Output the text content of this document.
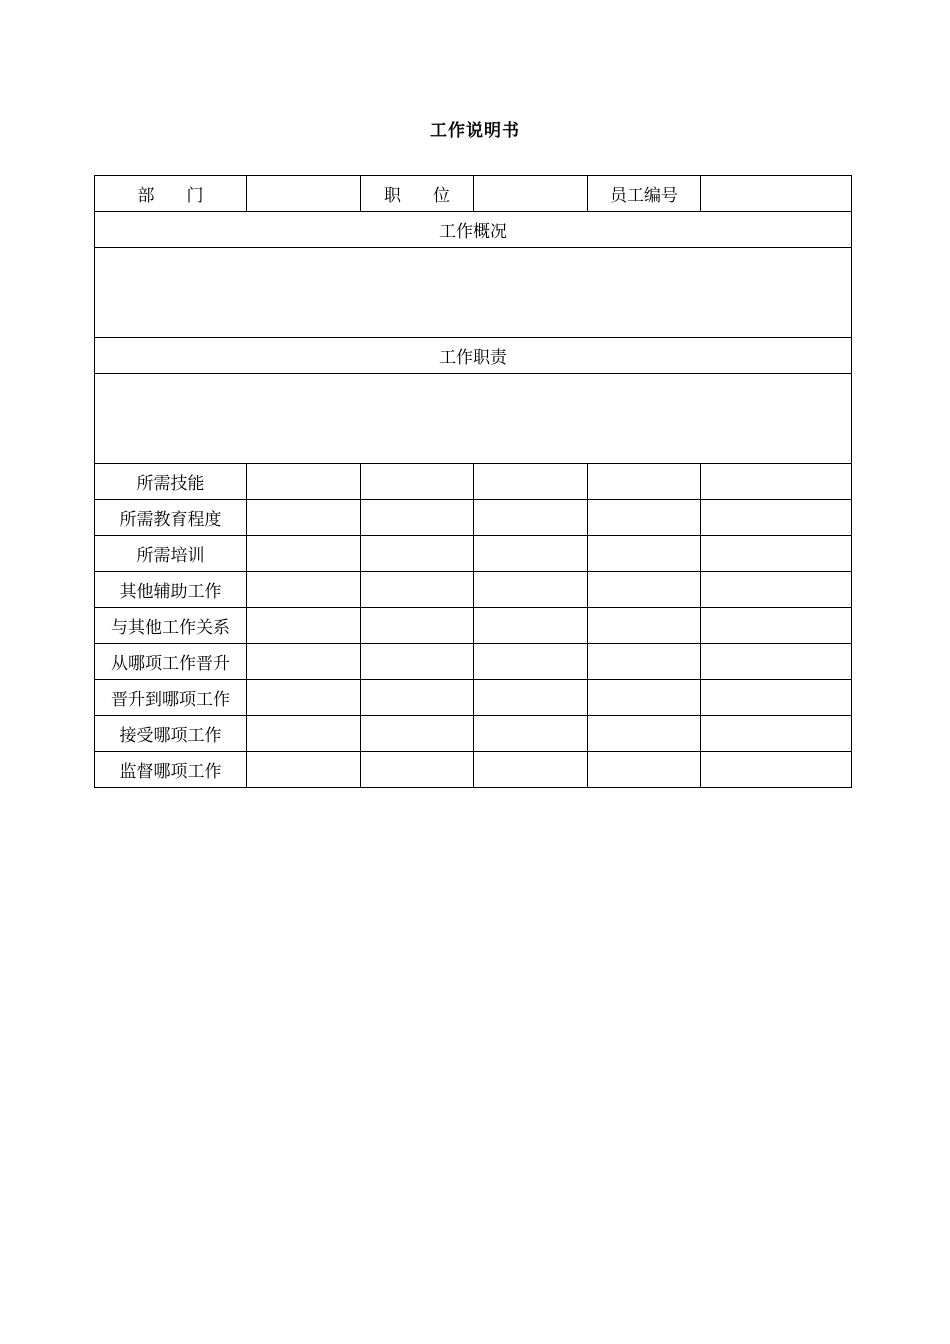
工作说明书
部 门		职 位		员工编号	
工作概况					

工作职责					

所需技能					
所需教育程度					
所需培训					
其他辅助工作					
与其他工作关系					
从哪项工作晋升					
晋升到哪项工作					
接受哪项工作					
监督哪项工作					
